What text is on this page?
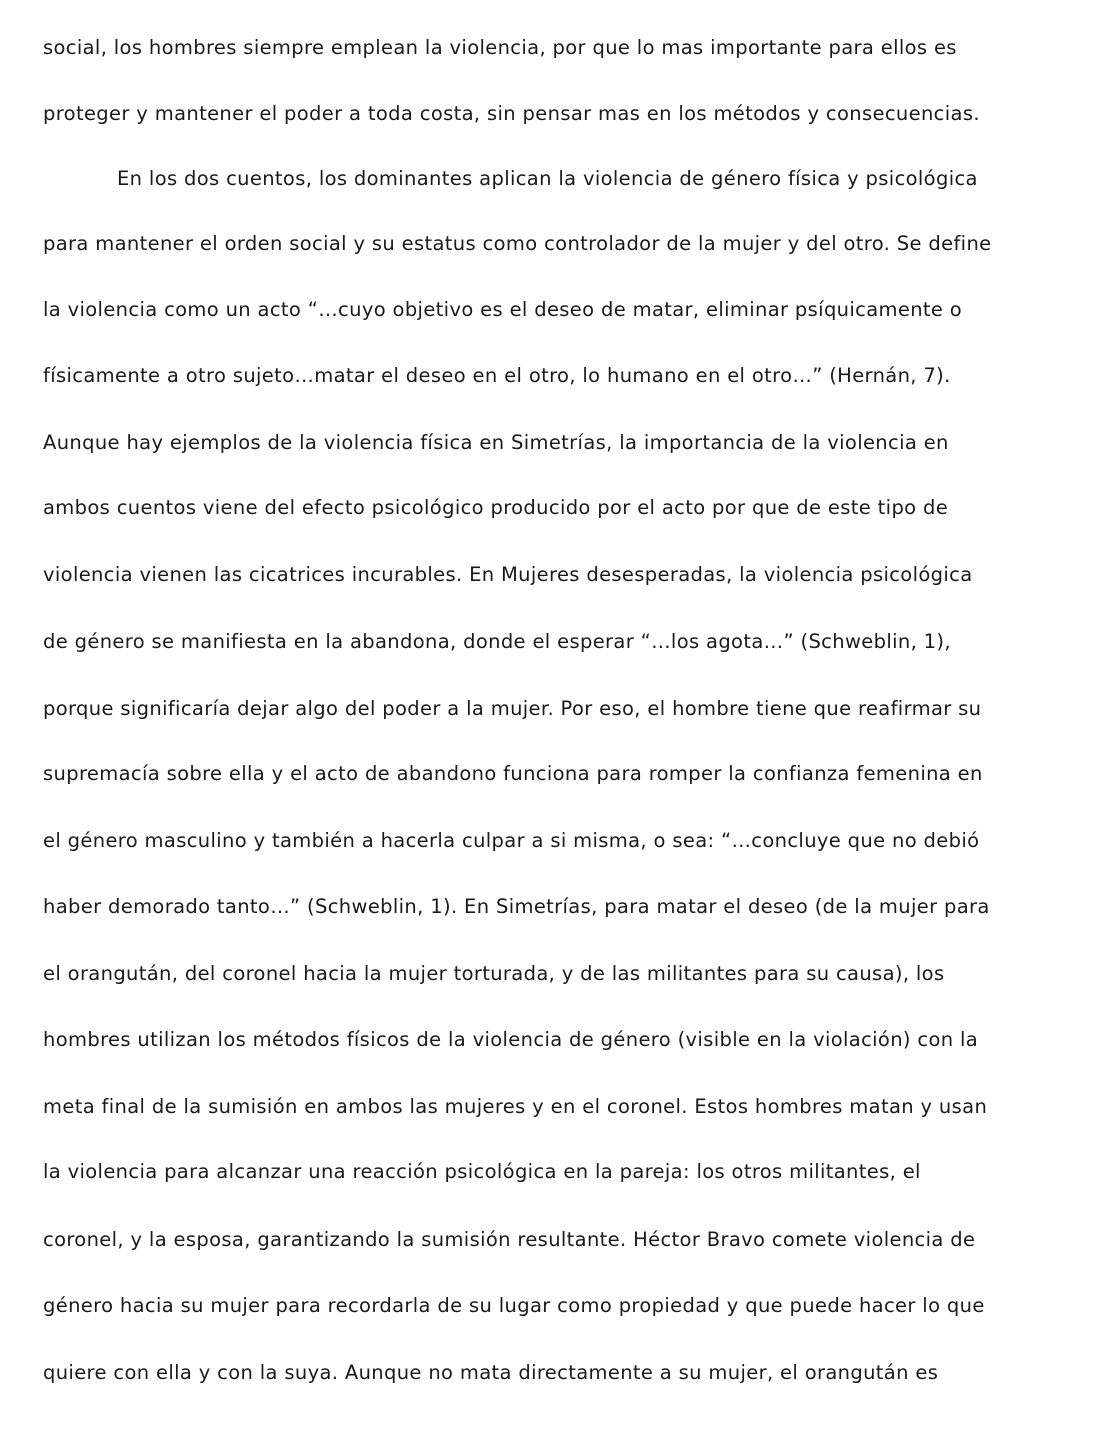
social, los hombres siempre emplean la violencia, por que lo mas importante para ellos es
proteger y mantener el poder a toda costa, sin pensar mas en los métodos y consecuencias.
En los dos cuentos, los dominantes aplican la violencia de género física y psicológica
para mantener el orden social y su estatus como controlador de la mujer y del otro. Se define
la violencia como un acto “…cuyo objetivo es el deseo de matar, eliminar psíquicamente o
físicamente a otro sujeto…matar el deseo en el otro, lo humano en el otro…” (Hernán, 7).
Aunque hay ejemplos de la violencia física en Simetrías, la importancia de la violencia en
ambos cuentos viene del efecto psicológico producido por el acto por que de este tipo de
violencia vienen las cicatrices incurables. En Mujeres desesperadas, la violencia psicológica
de género se manifiesta en la abandona, donde el esperar “…los agota…” (Schweblin, 1),
porque significaría dejar algo del poder a la mujer. Por eso, el hombre tiene que reafirmar su
supremacía sobre ella y el acto de abandono funciona para romper la confianza femenina en
el género masculino y también a hacerla culpar a si misma, o sea: “…concluye que no debió
haber demorado tanto…” (Schweblin, 1). En Simetrías, para matar el deseo (de la mujer para
el orangután, del coronel hacia la mujer torturada, y de las militantes para su causa), los
hombres utilizan los métodos físicos de la violencia de género (visible en la violación) con la
meta final de la sumisión en ambos las mujeres y en el coronel. Estos hombres matan y usan
la violencia para alcanzar una reacción psicológica en la pareja: los otros militantes, el
coronel, y la esposa, garantizando la sumisión resultante. Héctor Bravo comete violencia de
género hacia su mujer para recordarla de su lugar como propiedad y que puede hacer lo que
quiere con ella y con la suya. Aunque no mata directamente a su mujer, el orangután es
